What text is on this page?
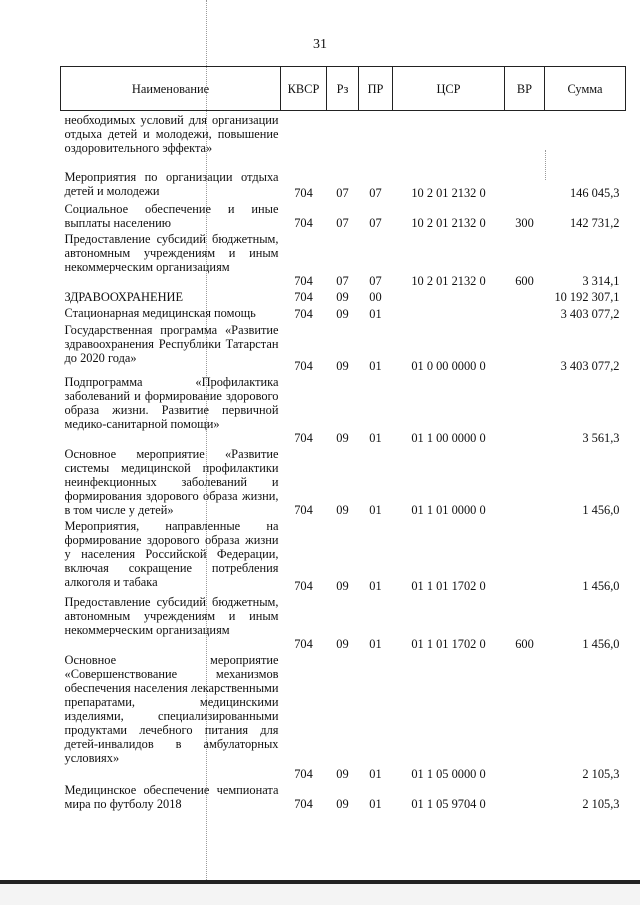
31
Наименование	КВСР	Рз	ПР	ЦСР	ВР	Сумма
необходимых условий для организации отдыха детей и молодежи, повышение оздоровительного эффекта»						
Мероприятия по организации отдыха детей и молодежи	704	07	07	10 2 01 2132 0		146 045,3
Социальное обеспечение и иные выплаты населению	704	07	07	10 2 01 2132 0	300	142 731,2
Предоставление субсидий бюджетным, автономным учреждениям и иным некоммерческим организациям	704	07	07	10 2 01 2132 0	600	3 314,1
ЗДРАВООХРАНЕНИЕ	704	09	00			10 192 307,1
Стационарная медицинская помощь	704	09	01			3 403 077,2
Государственная программа «Развитие здравоохранения Республики Татарстан до 2020 года»	704	09	01	01 0 00 0000 0		3 403 077,2
Подпрограмма «Профилактика заболеваний и формирование здорового образа жизни. Развитие первичной медико-санитарной помощи»	704	09	01	01 1 00 0000 0		3 561,3
Основное мероприятие «Развитие системы медицинской профилактики неинфекционных заболеваний и формирования здорового образа жизни, в том числе у детей»	704	09	01	01 1 01 0000 0		1 456,0
Мероприятия, направленные на формирование здорового образа жизни у населения Российской Федерации, включая сокращение потребления алкоголя и табака	704	09	01	01 1 01 1702 0		1 456,0
Предоставление субсидий бюджетным, автономным учреждениям и иным некоммерческим организациям	704	09	01	01 1 01 1702 0	600	1 456,0
Основное мероприятие «Совершенствование механизмов обеспечения населения лекарственными препаратами, медицинскими изделиями, специализированными продуктами лечебного питания для детей-инвалидов в амбулаторных условиях»	704	09	01	01 1 05 0000 0		2 105,3
Медицинское обеспечение чемпионата мира по футболу 2018	704	09	01	01 1 05 9704 0		2 105,3
